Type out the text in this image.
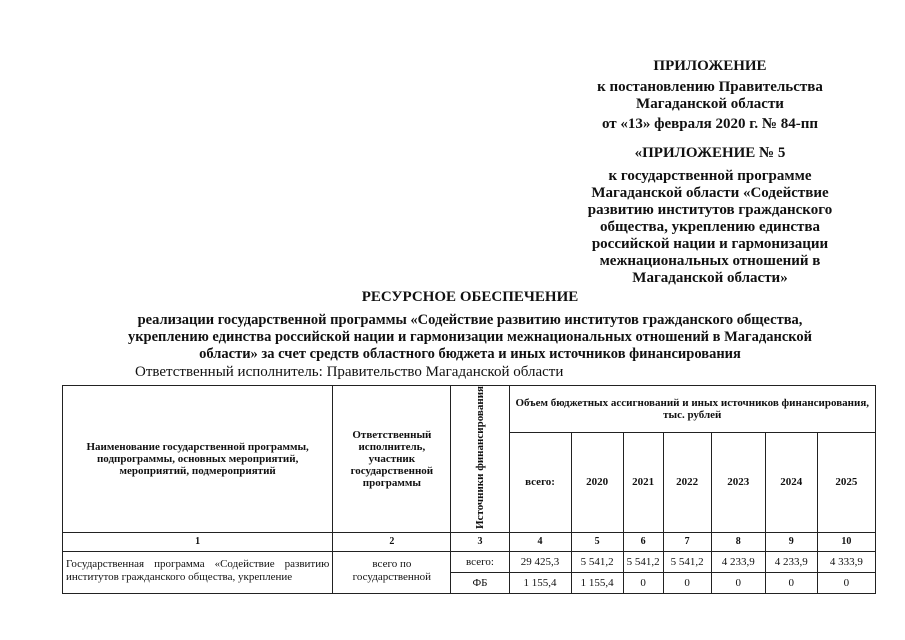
ПРИЛОЖЕНИЕ
к постановлению Правительства
Магаданской области
от «13» февраля 2020 г. № 84-пп
«ПРИЛОЖЕНИЕ № 5
к государственной программе
Магаданской области «Содействие
развитию институтов гражданского
общества, укреплению единства
российской нации и гармонизации
межнациональных отношений в
Магаданской области»
РЕСУРСНОЕ ОБЕСПЕЧЕНИЕ
реализации государственной программы «Содействие развитию институтов гражданского общества,
укреплению единства российской нации и гармонизации межнациональных отношений в Магаданской
области» за счет средств областного бюджета и иных источников финансирования
Ответственный исполнитель: Правительство Магаданской области
Наименование государственной программы, подпрограммы, основных мероприятий, мероприятий, подмероприятий	Ответственный исполнитель, участник государственной программы	Источники финансирования	Объем бюджетных ассигнований и иных источников финансирования, тыс. рублей						
			всего:	2020	2021	2022	2023	2024	2025
1	2	3	4	5	6	7	8	9	10
Государственная программа «Содействие развитию институтов гражданского общества, укрепление	всего по государственной	всего:	29 425,3	5 541,2	5 541,2	5 541,2	4 233,9	4 233,9	4 333,9
		ФБ	1 155,4	1 155,4	0	0	0	0	0
